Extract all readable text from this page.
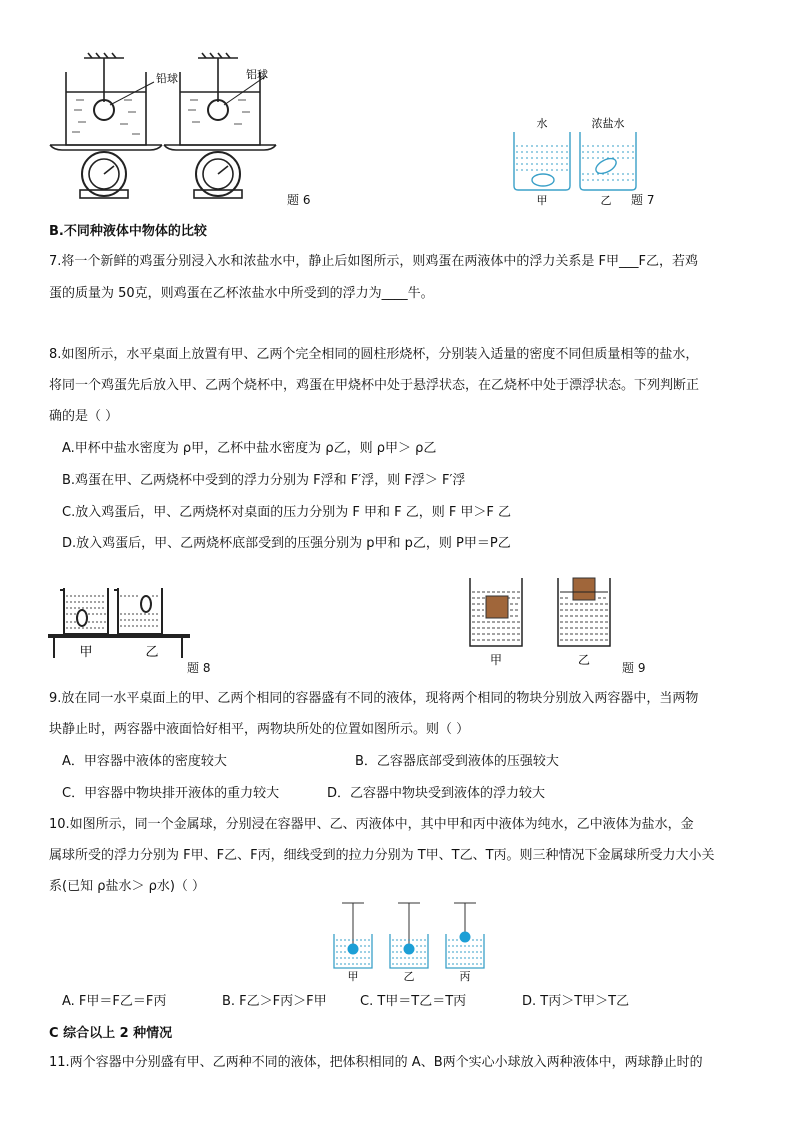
铅球	铝球
题 6
水	浓盐水
甲	乙 题 7
B.不同种液体中物体的比较
7.将一个新鲜的鸡蛋分别浸入水和浓盐水中，静止后如图所示，则鸡蛋在两液体中的浮力关系是 F甲___F乙，若鸡
蛋的质量为 50克，则鸡蛋在乙杯浓盐水中所受到的浮力为____牛。
8.如图所示，水平桌面上放置有甲、乙两个完全相同的圆柱形烧杯，分别装入适量的密度不同但质量相等的盐水，
将同一个鸡蛋先后放入甲、乙两个烧杯中，鸡蛋在甲烧杯中处于悬浮状态，在乙烧杯中处于漂浮状态。下列判断正
确的是（ ）
A.甲杯中盐水密度为 ρ甲，乙杯中盐水密度为 ρ乙，则 ρ甲＞ ρ乙
B.鸡蛋在甲、乙两烧杯中受到的浮力分别为 F浮和 F′浮，则 F浮＞ F′浮
C.放入鸡蛋后，甲、乙两烧杯对桌面的压力分别为 F 甲和 F 乙，则 F 甲＞F 乙
D.放入鸡蛋后，甲、乙两烧杯底部受到的压强分别为 p甲和 p乙，则 P甲＝P乙
甲	乙
题 8
甲	乙
题 9
9.放在同一水平桌面上的甲、乙两个相同的容器盛有不同的液体，现将两个相同的物块分别放入两容器中，当两物
块静止时，两容器中液面恰好相平，两物块所处的位置如图所示。则（ ）
A．甲容器中液体的密度较大	B．乙容器底部受到液体的压强较大
C．甲容器中物块排开液体的重力较大	D．乙容器中物块受到液体的浮力较大
10.如图所示，同一个金属球，分别浸在容器甲、乙、丙液体中，其中甲和丙中液体为纯水，乙中液体为盐水，金
属球所受的浮力分别为 F甲、F乙、F丙，细线受到的拉力分别为 T甲、T乙、T丙。则三种情况下金属球所受力大小关
系(已知 ρ盐水＞ ρ水)（ ）
甲	乙	丙
A. F甲＝F乙＝F丙	B. F乙＞F丙＞F甲	C. T甲＝T乙＝T丙	D. T丙＞T甲＞T乙
C 综合以上 2 种情况
11.两个容器中分别盛有甲、乙两种不同的液体，把体积相同的 A、B两个实心小球放入两种液体中，两球静止时的
